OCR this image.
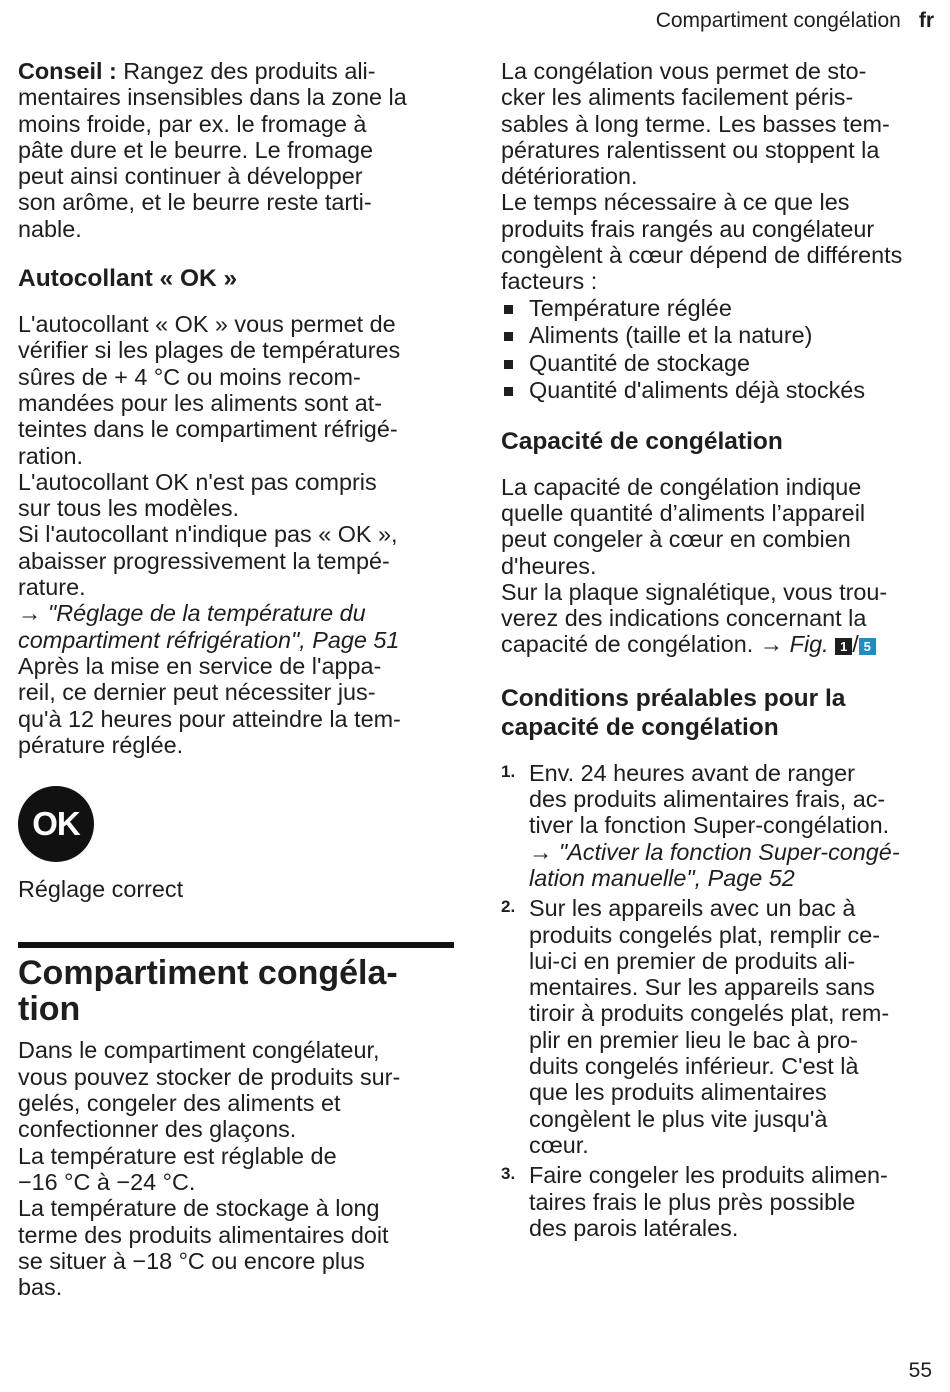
Compartiment congélation fr

Conseil : Rangez des produits ali-
mentaires insensibles dans la zone la
moins froide, par ex. le fromage à
pâte dure et le beurre. Le fromage
peut ainsi continuer à développer
son arôme, et le beurre reste tarti-
nable.

Autocollant « OK »

L'autocollant « OK » vous permet de
vérifier si les plages de températures
sûres de + 4 °C ou moins recom-
mandées pour les aliments sont at-
teintes dans le compartiment réfrigé-
ration.

L'autocollant OK n'est pas compris
sur tous les modèles.

Si l'autocollant n'indique pas « OK »,
abaisser progressivement la tempé-
rature.

→ "Réglage de la température du
compartiment réfrigération", Page 51

Après la mise en service de l'appa-
reil, ce dernier peut nécessiter jus-
qu'à 12 heures pour atteindre la tem-
pérature réglée.

OK

Réglage correct

Compartiment congéla-
tion

Dans le compartiment congélateur,
vous pouvez stocker de produits sur-
gelés, congeler des aliments et
confectionner des glaçons.

La température est réglable de
−16 °C à −24 °C.

La température de stockage à long
terme des produits alimentaires doit
se situer à −18 °C ou encore plus
bas.

La congélation vous permet de sto-
cker les aliments facilement péris-
sables à long terme. Les basses tem-
pératures ralentissent ou stoppent la
détérioration.

Le temps nécessaire à ce que les
produits frais rangés au congélateur
congèlent à cœur dépend de différents
facteurs :

Température réglée
Aliments (taille et la nature)
Quantité de stockage
Quantité d'aliments déjà stockés
Capacité de congélation

La capacité de congélation indique
quelle quantité d’aliments l’appareil
peut congeler à cœur en combien
d'heures.

Sur la plaque signalétique, vous trou-
verez des indications concernant la
capacité de congélation. → Fig. 1 / 5

Conditions préalables pour la
capacité de congélation
1. Env. 24 heures avant de ranger
des produits alimentaires frais, ac-
tiver la fonction Super-congélation.

→ "Activer la fonction Super-congé-
lation manuelle", Page 52

2. Sur les appareils avec un bac à
produits congelés plat, remplir ce-
lui-ci en premier de produits ali-
mentaires. Sur les appareils sans
tiroir à produits congelés plat, rem-
plir en premier lieu le bac à pro-
duits congelés inférieur. C'est là
que les produits alimentaires
congèlent le plus vite jusqu'à
cœur.

3. Faire congeler les produits alimen-
taires frais le plus près possible
des parois latérales.

55
